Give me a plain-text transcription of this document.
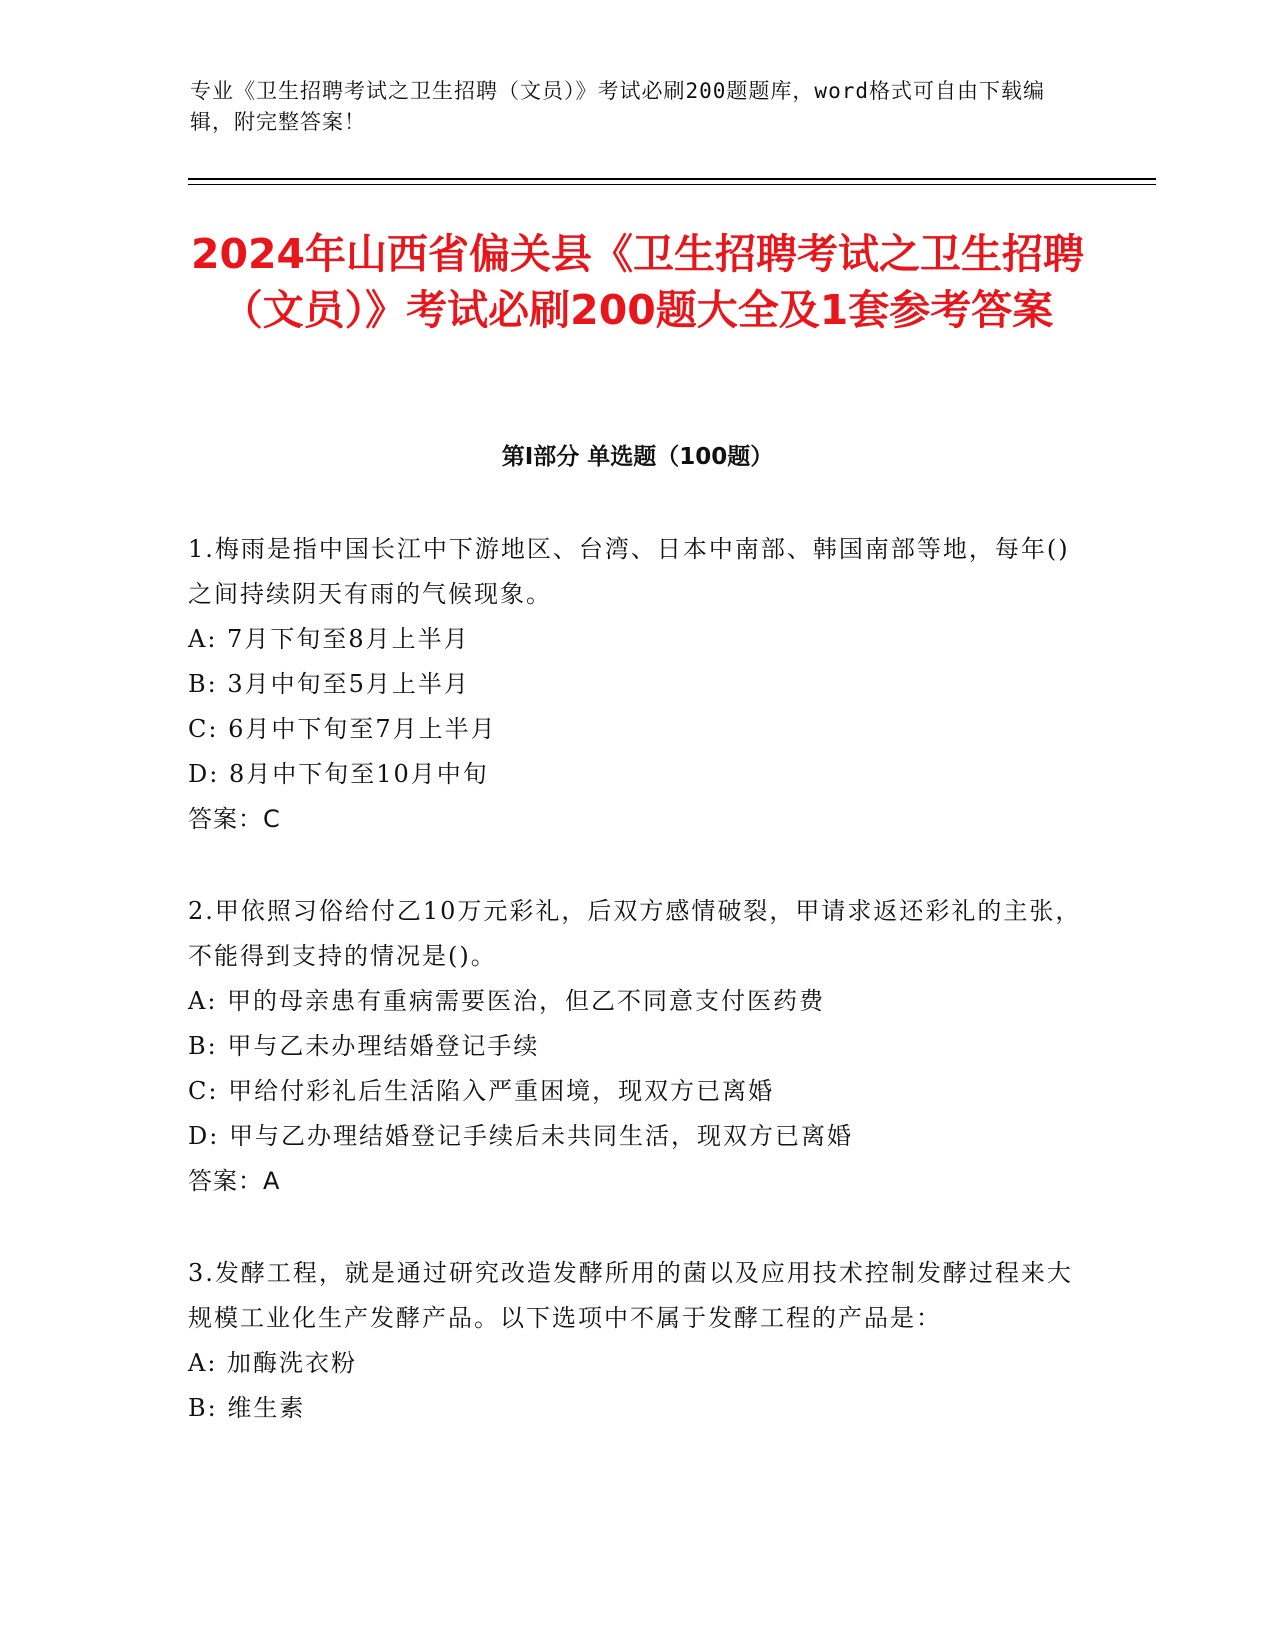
专业《卫生招聘考试之卫生招聘（文员）》考试必刷200题题库，word格式可自由下载编辑，附完整答案！
2024年山西省偏关县《卫生招聘考试之卫生招聘（文员）》考试必刷200题大全及1套参考答案
第Ⅰ部分 单选题（100题）
1.梅雨是指中国长江中下游地区、台湾、日本中南部、韩国南部等地，每年()之间持续阴天有雨的气候现象。
A: 7月下旬至8月上半月
B: 3月中旬至5月上半月
C: 6月中下旬至7月上半月
D: 8月中下旬至10月中旬
答案：C
2.甲依照习俗给付乙10万元彩礼，后双方感情破裂，甲请求返还彩礼的主张，不能得到支持的情况是()。
A: 甲的母亲患有重病需要医治，但乙不同意支付医药费
B: 甲与乙未办理结婚登记手续
C: 甲给付彩礼后生活陷入严重困境，现双方已离婚
D: 甲与乙办理结婚登记手续后未共同生活，现双方已离婚
答案：A
3.发酵工程，就是通过研究改造发酵所用的菌以及应用技术控制发酵过程来大规模工业化生产发酵产品。以下选项中不属于发酵工程的产品是：
A: 加酶洗衣粉
B: 维生素
